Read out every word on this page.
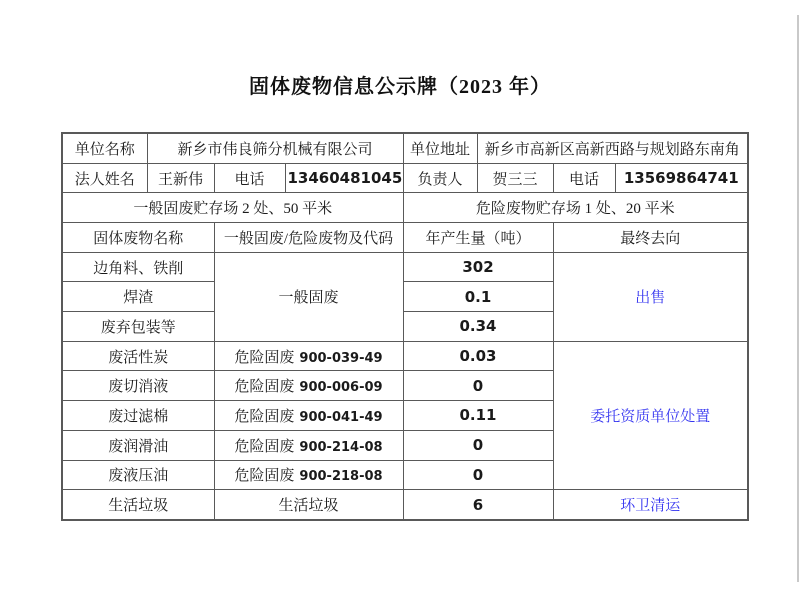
固体废物信息公示牌（2023 年）
单位名称	新乡市伟良筛分机械有限公司			单位地址	新乡市高新区高新西路与规划路东南角		
法人姓名	王新伟	电话	13460481045	负责人	贺三三	电话	13569864741
一般固废贮存场 2 处、50 平米				危险废物贮存场 1 处、20 平米			
固体废物名称		一般固废/危险废物及代码		年产生量（吨）		最终去向	
边角料、铁削		一般固废		302		出售	
焊渣				0.1			
废弃包装等				0.34			
废活性炭		危险固废 900-039-49		0.03		委托资质单位处置	
废切消液		危险固废 900-006-09		0			
废过滤棉		危险固废 900-041-49		0.11			
废润滑油		危险固废 900-214-08		0			
废液压油		危险固废 900-218-08		0			
生活垃圾		生活垃圾		6		环卫清运	
